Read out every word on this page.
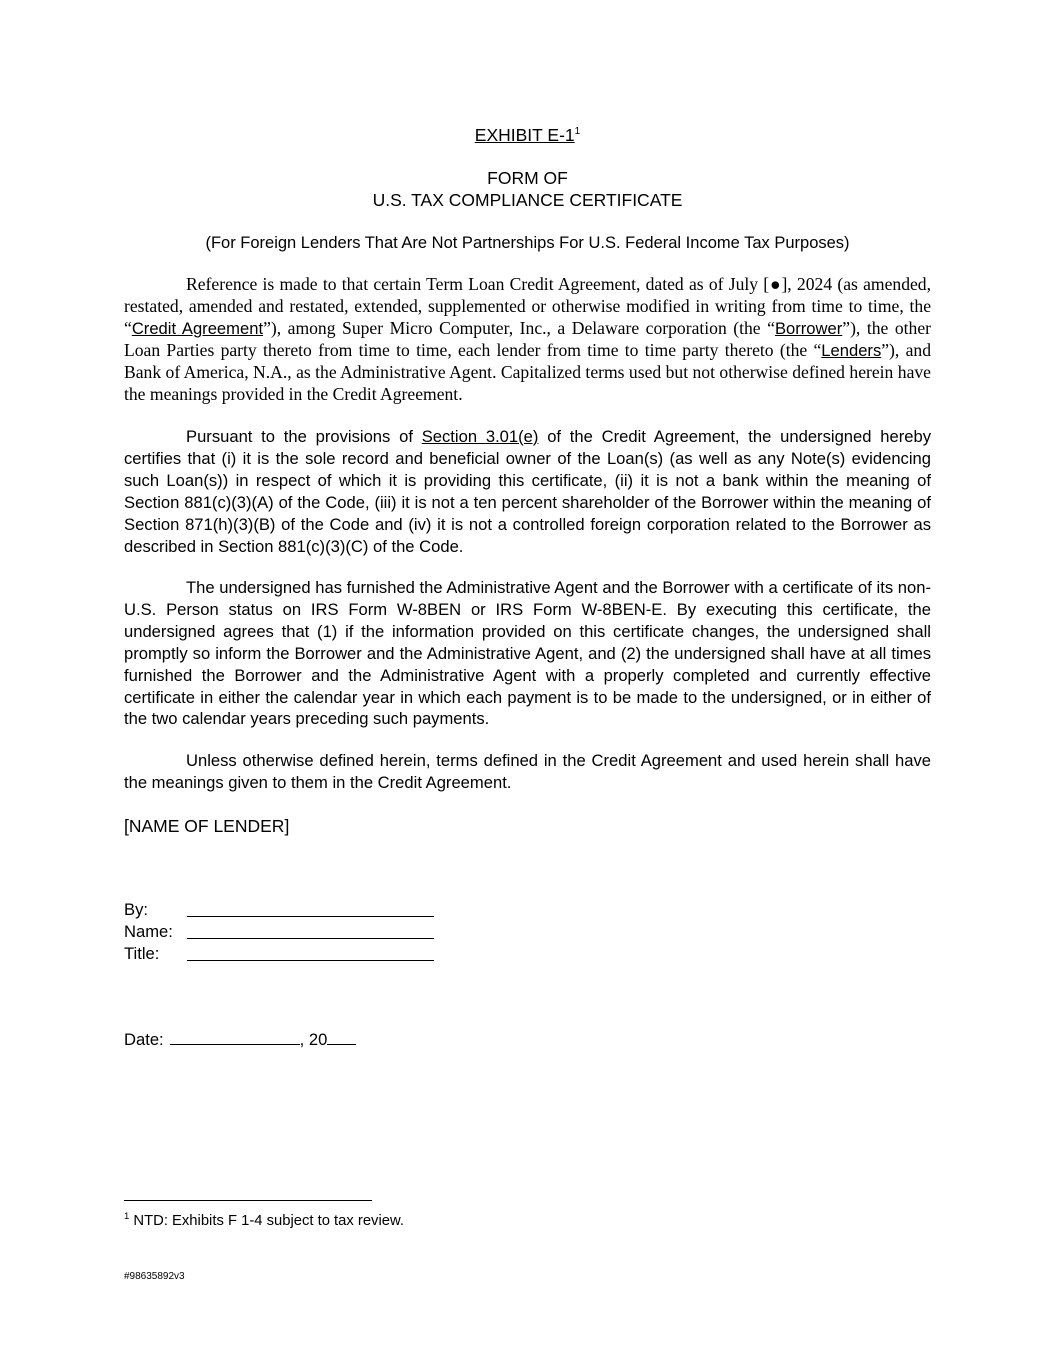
EXHIBIT $E-1^1$
FORM OF
U.S. TAX COMPLIANCE CERTIFICATE
(For Foreign Lenders That Are Not Partnerships For U.S. Federal Income Tax Purposes)

Reference is made to that certain Term Loan Credit Agreement, dated as of July [●], 2024 (as amended, restated, amended and restated, extended, supplemented or otherwise modified in writing from time to time, the “Credit Agreement”), among Super Micro Computer, Inc., a Delaware corporation (the “Borrower”), the other Loan Parties party thereto from time to time, each lender from time to time party thereto (the “Lenders”), and Bank of America, N.A., as the Administrative Agent. Capitalized terms used but not otherwise defined herein have the meanings provided in the Credit Agreement.

Pursuant to the provisions of Section 3.01(e) of the Credit Agreement, the undersigned hereby certifies that (i) it is the sole record and beneficial owner of the Loan(s) (as well as any Note(s) evidencing such Loan(s)) in respect of which it is providing this certificate, (ii) it is not a bank within the meaning of Section 881(c)(3)(A) of the Code, (iii) it is not a ten percent shareholder of the Borrower within the meaning of Section 871(h)(3)(B) of the Code and (iv) it is not a controlled foreign corporation related to the Borrower as described in Section 881(c)(3)(C) of the Code.

The undersigned has furnished the Administrative Agent and the Borrower with a certificate of its non-U.S. Person status on IRS Form W-8BEN or IRS Form W-8BEN-E. By executing this certificate, the undersigned agrees that (1) if the information provided on this certificate changes, the undersigned shall promptly so inform the Borrower and the Administrative Agent, and (2) the undersigned shall have at all times furnished the Borrower and the Administrative Agent with a properly completed and currently effective certificate in either the calendar year in which each payment is to be made to the undersigned, or in either of the two calendar years preceding such payments.

Unless otherwise defined herein, terms defined in the Credit Agreement and used herein shall have the meanings given to them in the Credit Agreement.

[NAME OF LENDER]
By:
Name:
Title:
Date:	, 20
$^1$ NTD: Exhibits F 1-4 subject to tax review.
#98635892v3
